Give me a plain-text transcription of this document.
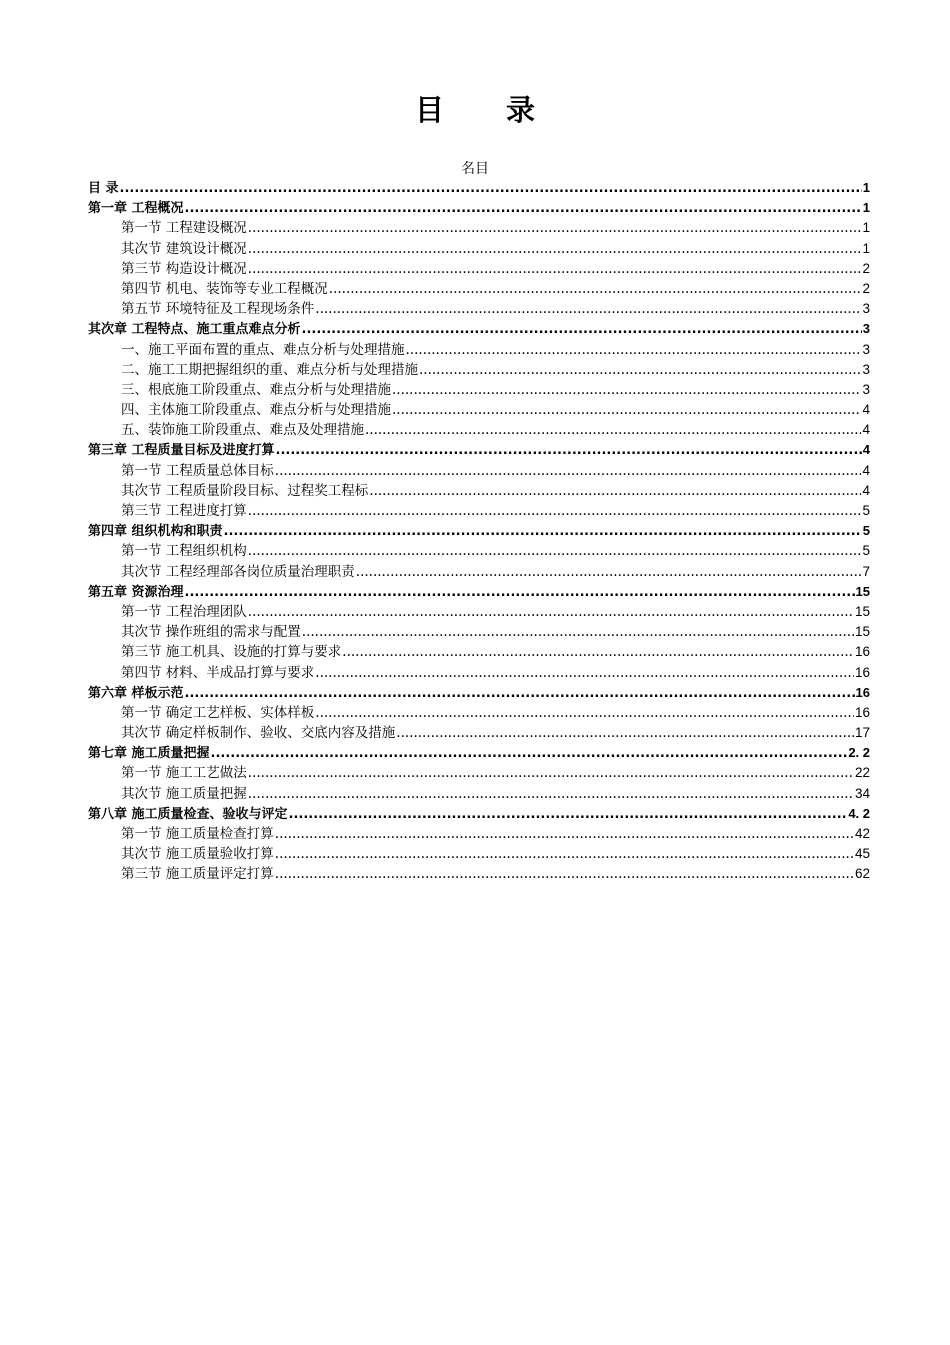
目 录
名目
目 录 .....	1
第一章 工程概况 .....	1
第一节 工程建设概况 .....	1
其次节 建筑设计概况 .....	1
第三节 构造设计概况 .....	2
第四节 机电、装饰等专业工程概况 .....	2
第五节 环境特征及工程现场条件 .....	3
其次章 工程特点、施工重点难点分析 .....	3
一、施工平面布置的重点、难点分析与处理措施 .....	3
二、施工工期把握组织的重、难点分析与处理措施 .....	3
三、根底施工阶段重点、难点分析与处理措施 .....	3
四、主体施工阶段重点、难点分析与处理措施 .....	4
五、装饰施工阶段重点、难点及处理措施 .....	4
第三章 工程质量目标及进度打算 .....	4
第一节 工程质量总体目标 .....	4
其次节 工程质量阶段目标、过程奖工程标 .....	4
第三节 工程进度打算 .....	5
第四章 组织机构和职责 .....	5
第一节 工程组织机构 .....	5
其次节 工程经理部各岗位质量治理职责 .....	7
第五章 资源治理 .....	15
第一节 工程治理团队 .....	15
其次节 操作班组的需求与配置 .....	15
第三节 施工机具、设施的打算与要求 .....	16
第四节 材料、半成品打算与要求 .....	16
第六章 样板示范 .....	16
第一节 确定工艺样板、实体样板 .....	16
其次节 确定样板制作、验收、交底内容及措施 .....	17
第七章 施工质量把握 .....	2. 2
第一节 施工工艺做法 .....	22
其次节 施工质量把握 .....	34
第八章 施工质量检查、验收与评定 .....	4. 2
第一节 施工质量检查打算 .....	42
其次节 施工质量验收打算 .....	45
第三节 施工质量评定打算 .....	62
